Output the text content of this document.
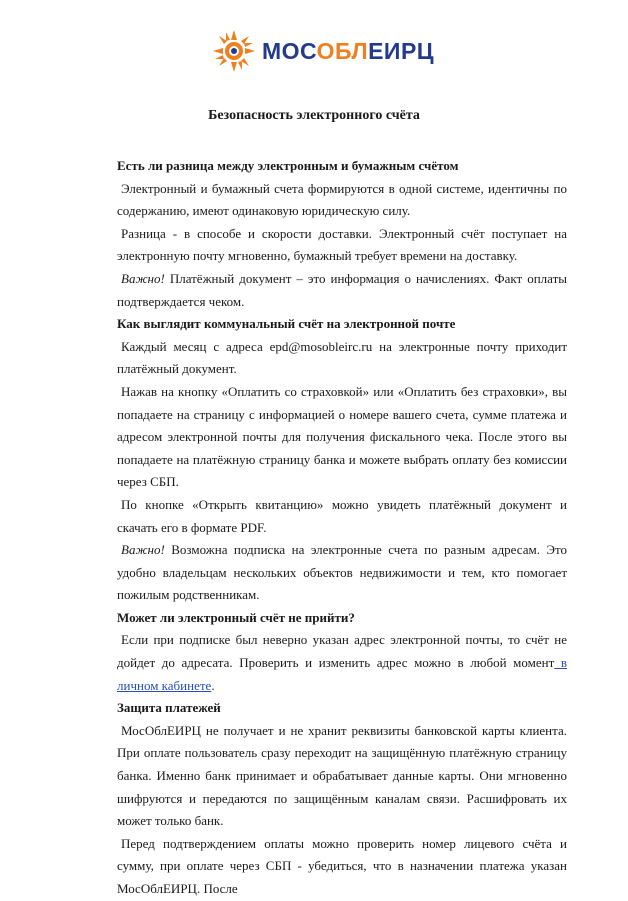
МОСОБЛЕИРЦ
Безопасность электронного счёта

Есть ли разница между электронным и бумажным счётом

Электронный и бумажный счета формируются в одной системе, идентичны по содержанию, имеют одинаковую юридическую силу.

Разница - в способе и скорости доставки. Электронный счёт поступает на электронную почту мгновенно, бумажный требует времени на доставку.

Важно! Платёжный документ – это информация о начислениях. Факт оплаты подтверждается чеком.

Как выглядит коммунальный счёт на электронной почте

Каждый месяц с адреса epd@mosobleirc.ru на электронные почту приходит платёжный документ.

Нажав на кнопку «Оплатить со страховкой» или «Оплатить без страховки», вы попадаете на страницу с информацией о номере вашего счета, сумме платежа и адресом электронной почты для получения фискального чека. После этого вы попадаете на платёжную страницу банка и можете выбрать оплату без комиссии через СБП.

По кнопке «Открыть квитанцию» можно увидеть платёжный документ и скачать его в формате PDF.

Важно! Возможна подписка на электронные счета по разным адресам. Это удобно владельцам нескольких объектов недвижимости и тем, кто помогает пожилым родственникам.

Может ли электронный счёт не прийти?

Если при подписке был неверно указан адрес электронной почты, то счёт не дойдет до адресата. Проверить и изменить адрес можно в любой момент в личном кабинете.

Защита платежей

МосОблЕИРЦ не получает и не хранит реквизиты банковской карты клиента. При оплате пользователь сразу переходит на защищённую платёжную страницу банка. Именно банк принимает и обрабатывает данные карты. Они мгновенно шифруются и передаются по защищённым каналам связи. Расшифровать их может только банк.

Перед подтверждением оплаты можно проверить номер лицевого счёта и сумму, при оплате через СБП - убедиться, что в назначении платежа указан МосОблЕИРЦ. После
